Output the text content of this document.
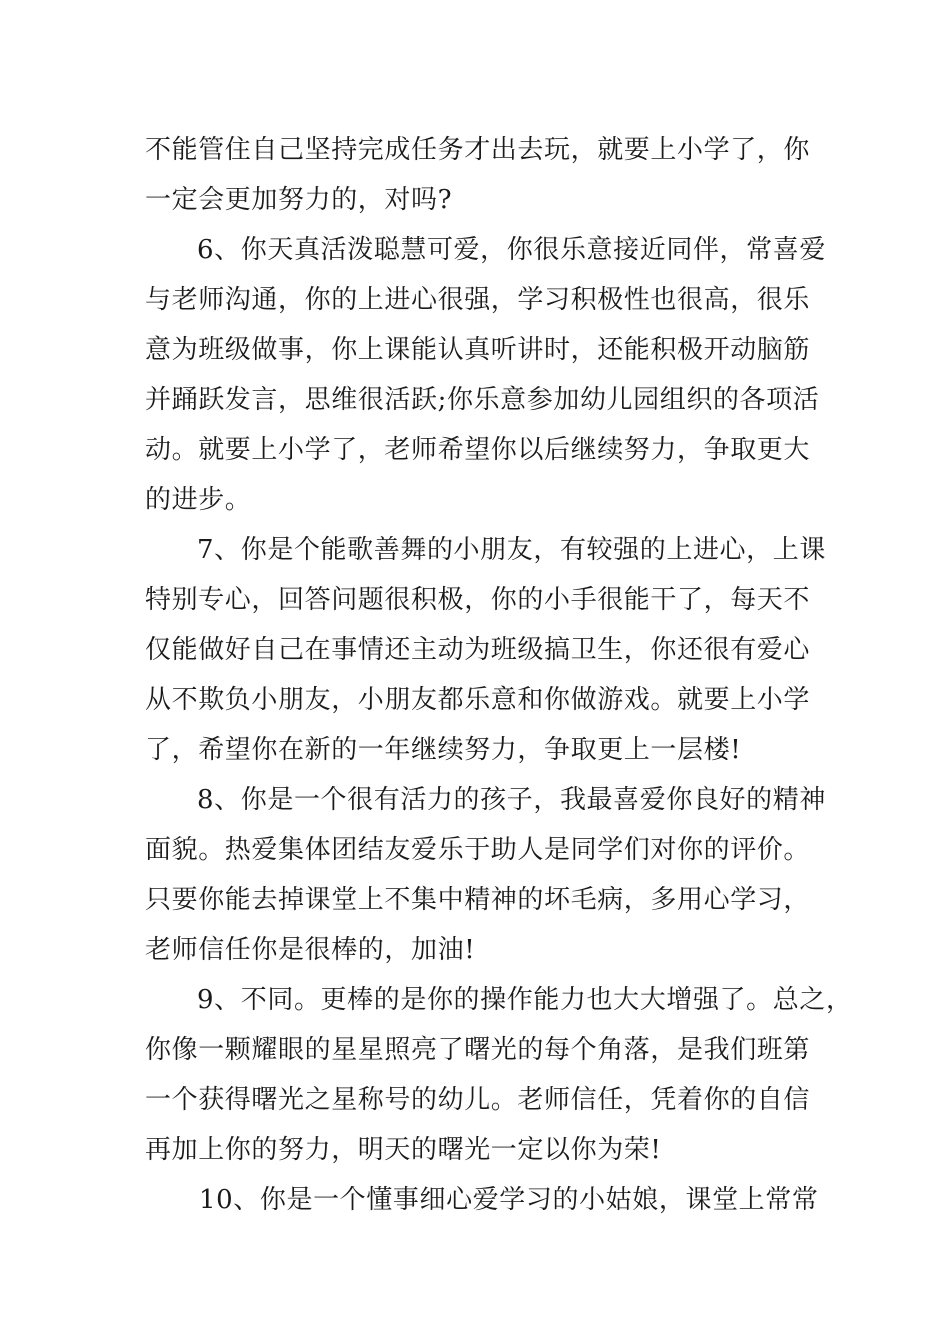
不能管住自己坚持完成任务才出去玩，就要上小学了，你
一定会更加努力的，对吗?
6、你天真活泼聪慧可爱，你很乐意接近同伴，常喜爱
与老师沟通，你的上进心很强，学习积极性也很高，很乐
意为班级做事，你上课能认真听讲时，还能积极开动脑筋
并踊跃发言，思维很活跃;你乐意参加幼儿园组织的各项活
动。就要上小学了，老师希望你以后继续努力，争取更大
的进步。
7、你是个能歌善舞的小朋友，有较强的上进心，上课
特别专心，回答问题很积极，你的小手很能干了，每天不
仅能做好自己在事情还主动为班级搞卫生，你还很有爱心
从不欺负小朋友，小朋友都乐意和你做游戏。就要上小学
了，希望你在新的一年继续努力，争取更上一层楼!
8、你是一个很有活力的孩子，我最喜爱你良好的精神
面貌。热爱集体团结友爱乐于助人是同学们对你的评价。
只要你能去掉课堂上不集中精神的坏毛病，多用心学习，
老师信任你是很棒的，加油!
9、不同。更棒的是你的操作能力也大大增强了。总之，
你像一颗耀眼的星星照亮了曙光的每个角落，是我们班第
一个获得曙光之星称号的幼儿。老师信任，凭着你的自信
再加上你的努力，明天的曙光一定以你为荣!
10、你是一个懂事细心爱学习的小姑娘，课堂上常常
